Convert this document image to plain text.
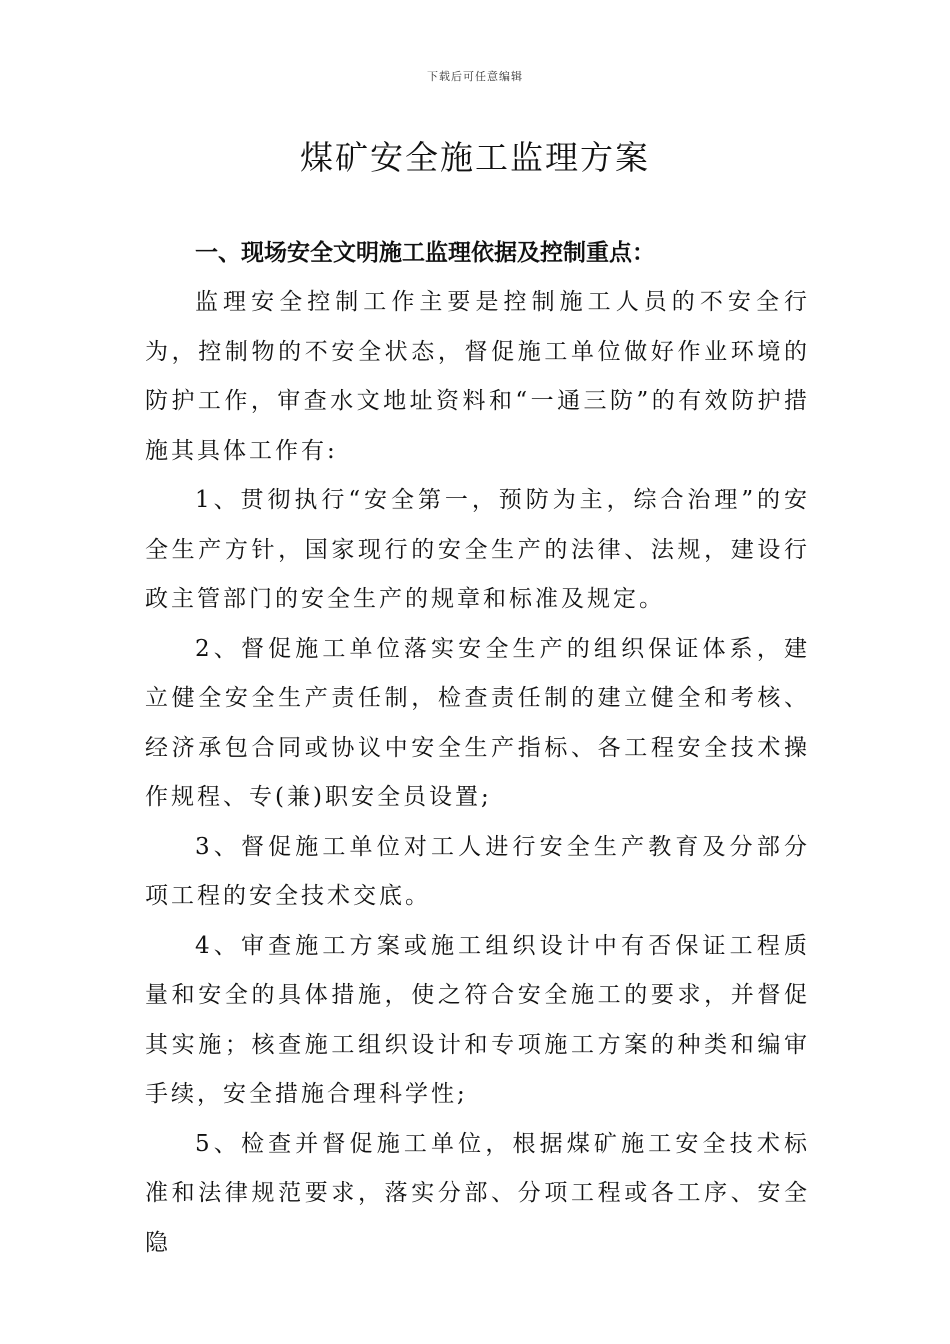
下载后可任意编辑
煤矿安全施工监理方案
一、现场安全文明施工监理依据及控制重点：

监理安全控制工作主要是控制施工人员的不安全行为，控制物的不安全状态，督促施工单位做好作业环境的防护工作，审查水文地址资料和“一通三防”的有效防护措施其具体工作有:

1、贯彻执行“安全第一，预防为主，综合治理”的安全生产方针，国家现行的安全生产的法律、法规，建设行政主管部门的安全生产的规章和标准及规定。

2、督促施工单位落实安全生产的组织保证体系，建立健全安全生产责任制，检查责任制的建立健全和考核、经济承包合同或协议中安全生产指标、各工程安全技术操作规程、专(兼)职安全员设置;

3、督促施工单位对工人进行安全生产教育及分部分项工程的安全技术交底。

4、审查施工方案或施工组织设计中有否保证工程质量和安全的具体措施，使之符合安全施工的要求，并督促其实施；核查施工组织设计和专项施工方案的种类和编审手续，安全措施合理科学性;

5、检查并督促施工单位，根据煤矿施工安全技术标准和法律规范要求，落实分部、分项工程或各工序、安全隐
